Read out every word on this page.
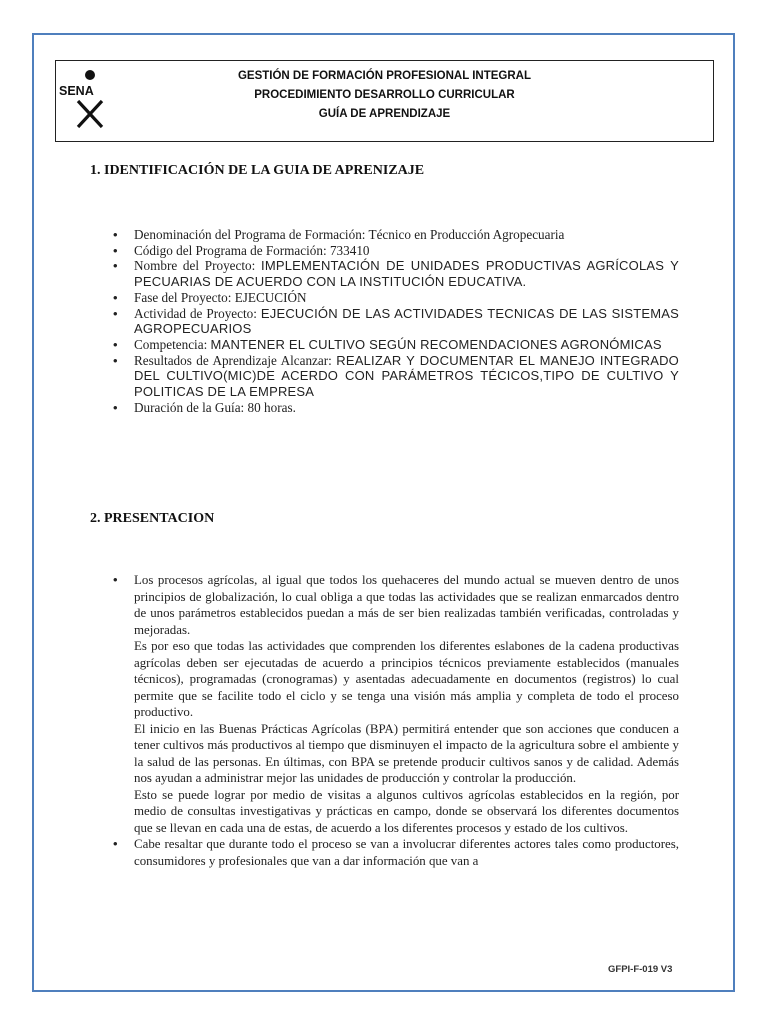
SENA
GESTIÓN DE FORMACIÓN PROFESIONAL INTEGRAL
PROCEDIMIENTO DESARROLLO CURRICULAR
GUÍA DE APRENDIZAJE
1. IDENTIFICACIÓN DE LA GUIA DE APRENIZAJE
• Denominación del Programa de Formación: Técnico en Producción Agropecuaria
• Código del Programa de Formación: 733410
• Nombre del Proyecto: IMPLEMENTACIÓN DE UNIDADES PRODUCTIVAS AGRÍCOLAS Y PECUARIAS DE ACUERDO CON LA INSTITUCIÓN EDUCATIVA.
• Fase del Proyecto: EJECUCIÓN
• Actividad de Proyecto: EJECUCIÓN DE LAS ACTIVIDADES TECNICAS DE LAS SISTEMAS AGROPECUARIOS
• Competencia: MANTENER EL CULTIVO SEGÚN RECOMENDACIONES AGRONÓMICAS
• Resultados de Aprendizaje Alcanzar: REALIZAR Y DOCUMENTAR EL MANEJO INTEGRADO DEL CULTIVO(MIC)DE ACERDO CON PARÁMETROS TÉCICOS,TIPO DE CULTIVO Y POLITICAS DE LA EMPRESA
• Duración de la Guía: 80 horas.
2. PRESENTACION

• Los procesos agrícolas, al igual que todos los quehaceres del mundo actual se mueven dentro de unos principios de globalización, lo cual obliga a que todas las actividades que se realizan enmarcados dentro de unos parámetros establecidos puedan a más de ser bien realizadas también verificadas, controladas y mejoradas.

Es por eso que todas las actividades que comprenden los diferentes eslabones de la cadena productivas agrícolas deben ser ejecutadas de acuerdo a principios técnicos previamente establecidos (manuales técnicos), programadas (cronogramas) y asentadas adecuadamente en documentos (registros) lo cual permite que se facilite todo el ciclo y se tenga una visión más amplia y completa de todo el proceso productivo.

El inicio en las Buenas Prácticas Agrícolas (BPA) permitirá entender que son acciones que conducen a tener cultivos más productivos al tiempo que disminuyen el impacto de la agricultura sobre el ambiente y la salud de las personas. En últimas, con BPA se pretende producir cultivos sanos y de calidad. Además nos ayudan a administrar mejor las unidades de producción y controlar la producción.

Esto se puede lograr por medio de visitas a algunos cultivos agrícolas establecidos en la región, por medio de consultas investigativas y prácticas en campo, donde se observará los diferentes documentos que se llevan en cada una de estas, de acuerdo a los diferentes procesos y estado de los cultivos.

• Cabe resaltar que durante todo el proceso se van a involucrar diferentes actores tales como productores, consumidores y profesionales que van a dar información que van a

GFPI-F-019 V3
